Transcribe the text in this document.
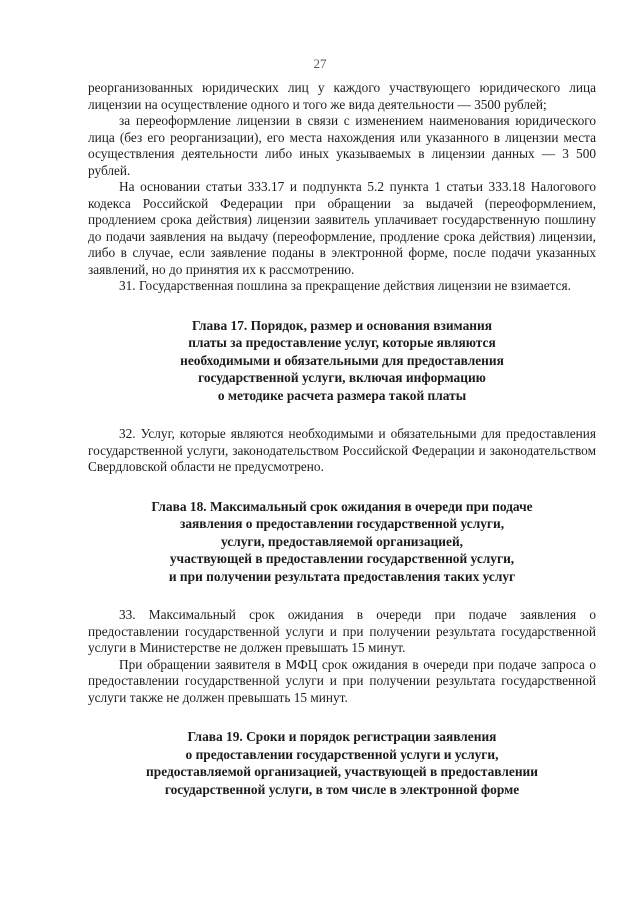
27

реорганизованных юридических лиц у каждого участвующего юридического лица лицензии на осуществление одного и того же вида деятельности — 3500 рублей;

за переоформление лицензии в связи с изменением наименования юридического лица (без его реорганизации), его места нахождения или указанного в лицензии места осуществления деятельности либо иных указываемых в лицензии данных — 3 500 рублей.

На основании статьи 333.17 и подпункта 5.2 пункта 1 статьи 333.18 Налогового кодекса Российской Федерации при обращении за выдачей (переоформлением, продлением срока действия) лицензии заявитель уплачивает государственную пошлину до подачи заявления на выдачу (переоформление, продление срока действия) лицензии, либо в случае, если заявление поданы в электронной форме, после подачи указанных заявлений, но до принятия их к рассмотрению.

31. Государственная пошлина за прекращение действия лицензии не взимается.

Глава 17. Порядок, размер и основания взимания

платы за предоставление услуг, которые являются

необходимыми и обязательными для предоставления

государственной услуги, включая информацию

о методике расчета размера такой платы

32. Услуг, которые являются необходимыми и обязательными для предоставления государственной услуги, законодательством Российской Федерации и законодательством Свердловской области не предусмотрено.

Глава 18. Максимальный срок ожидания в очереди при подаче

заявления о предоставлении государственной услуги,

услуги, предоставляемой организацией,

участвующей в предоставлении государственной услуги,

и при получении результата предоставления таких услуг

33. Максимальный срок ожидания в очереди при подаче заявления о предоставлении государственной услуги и при получении результата государственной услуги в Министерстве не должен превышать 15 минут.

При обращении заявителя в МФЦ срок ожидания в очереди при подаче запроса о предоставлении государственной услуги и при получении результата государственной услуги также не должен превышать 15 минут.

Глава 19. Сроки и порядок регистрации заявления

о предоставлении государственной услуги и услуги,

предоставляемой организацией, участвующей в предоставлении

государственной услуги, в том числе в электронной форме
